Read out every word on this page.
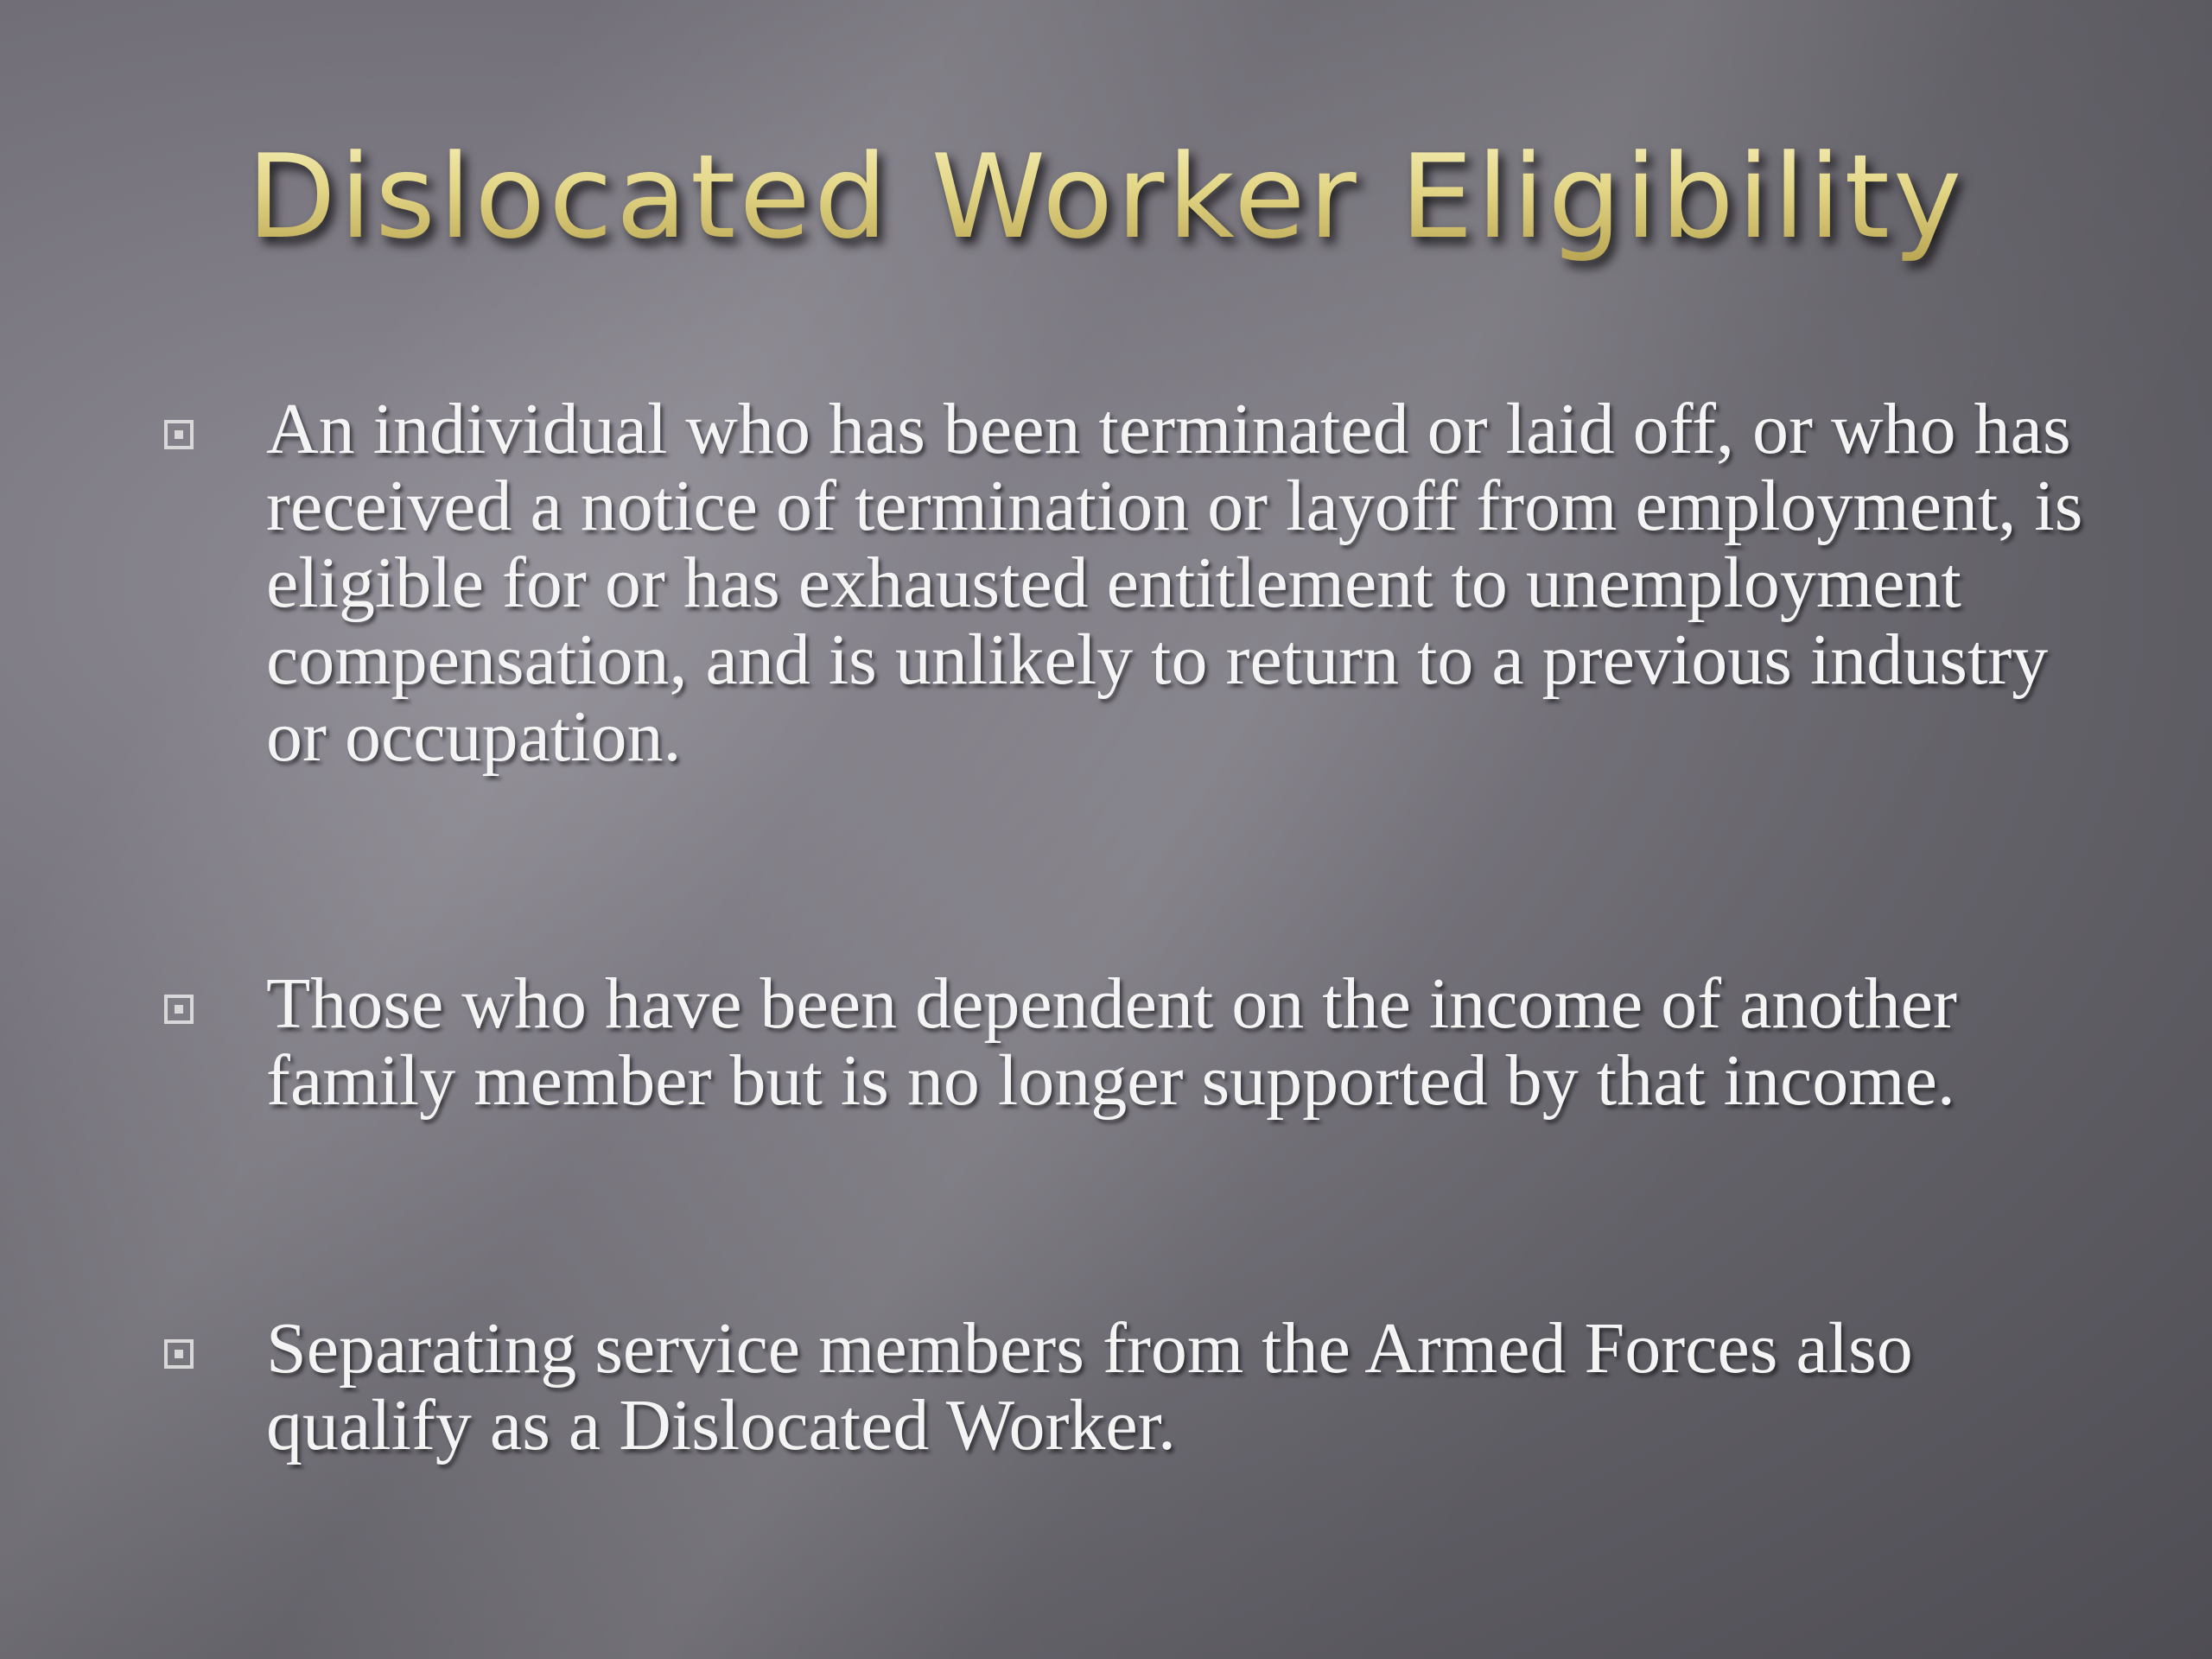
Dislocated Worker Eligibility
An individual who has been terminated or laid off, or who has received a notice of termination or layoff from employment, is eligible for or has exhausted entitlement to unemployment compensation, and is unlikely to return to a previous industry or occupation.
Those who have been dependent on the income of another family member but is no longer supported by that income.
Separating service members from the Armed Forces also qualify as a Dislocated Worker.
